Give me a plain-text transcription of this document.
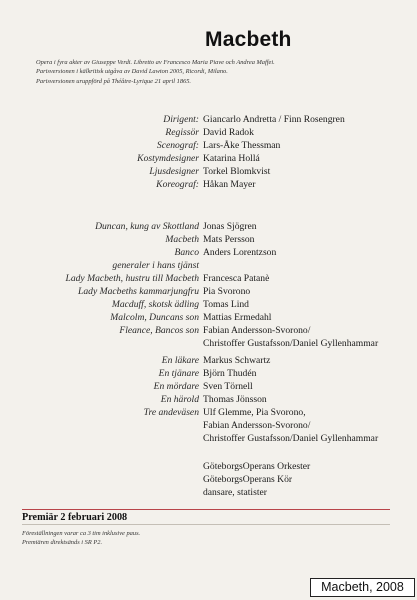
Macbeth
Opera i fyra akter av Giuseppe Verdi. Libretto av Francesco Maria Piave och Andrea Maffei.
Parisversionen i kälkritisk utgåva av David Lawton 2005, Ricordi, Milano.
Parisversionen uruppförd på Théâtre-Lyrique 21 april 1865.
Dirigent: Giancarlo Andretta / Finn Rosengren
Regissör David Radok
Scenograf: Lars-Åke Thessman
Kostymdesigner Katarina Hollá
Ljusdesigner Torkel Blomkvist
Koreograf: Håkan Mayer
Duncan, kung av Skottland Jonas Sjögren
Macbeth Mats Persson
Banco Anders Lorentzson
generaler i hans tjänst
Lady Macbeth, hustru till Macbeth Francesca Patanè
Lady Macbeths kammarjungfru Pia Svorono
Macduff, skotsk ädling Tomas Lind
Malcolm, Duncans son Mattias Ermedahl
Fleance, Bancos son Fabian Andersson-Svorono/
Christoffer Gustafsson/Daniel Gyllenhammar
En läkare Markus Schwartz
En tjänare Björn Thudén
En mördare Sven Törnell
En härold Thomas Jönsson
Tre andeväsen Ulf Glemme, Pia Svorono,
Fabian Andersson-Svorono/
Christoffer Gustafsson/Daniel Gyllenhammar
GöteborgsOperans Orkester
GöteborgsOperans Kör
dansare, statister
Premiär 2 februari 2008
Föreställningen varar ca 3 tim inklusive paus.
Premiären direktsänds i SR P2.
Macbeth, 2008
